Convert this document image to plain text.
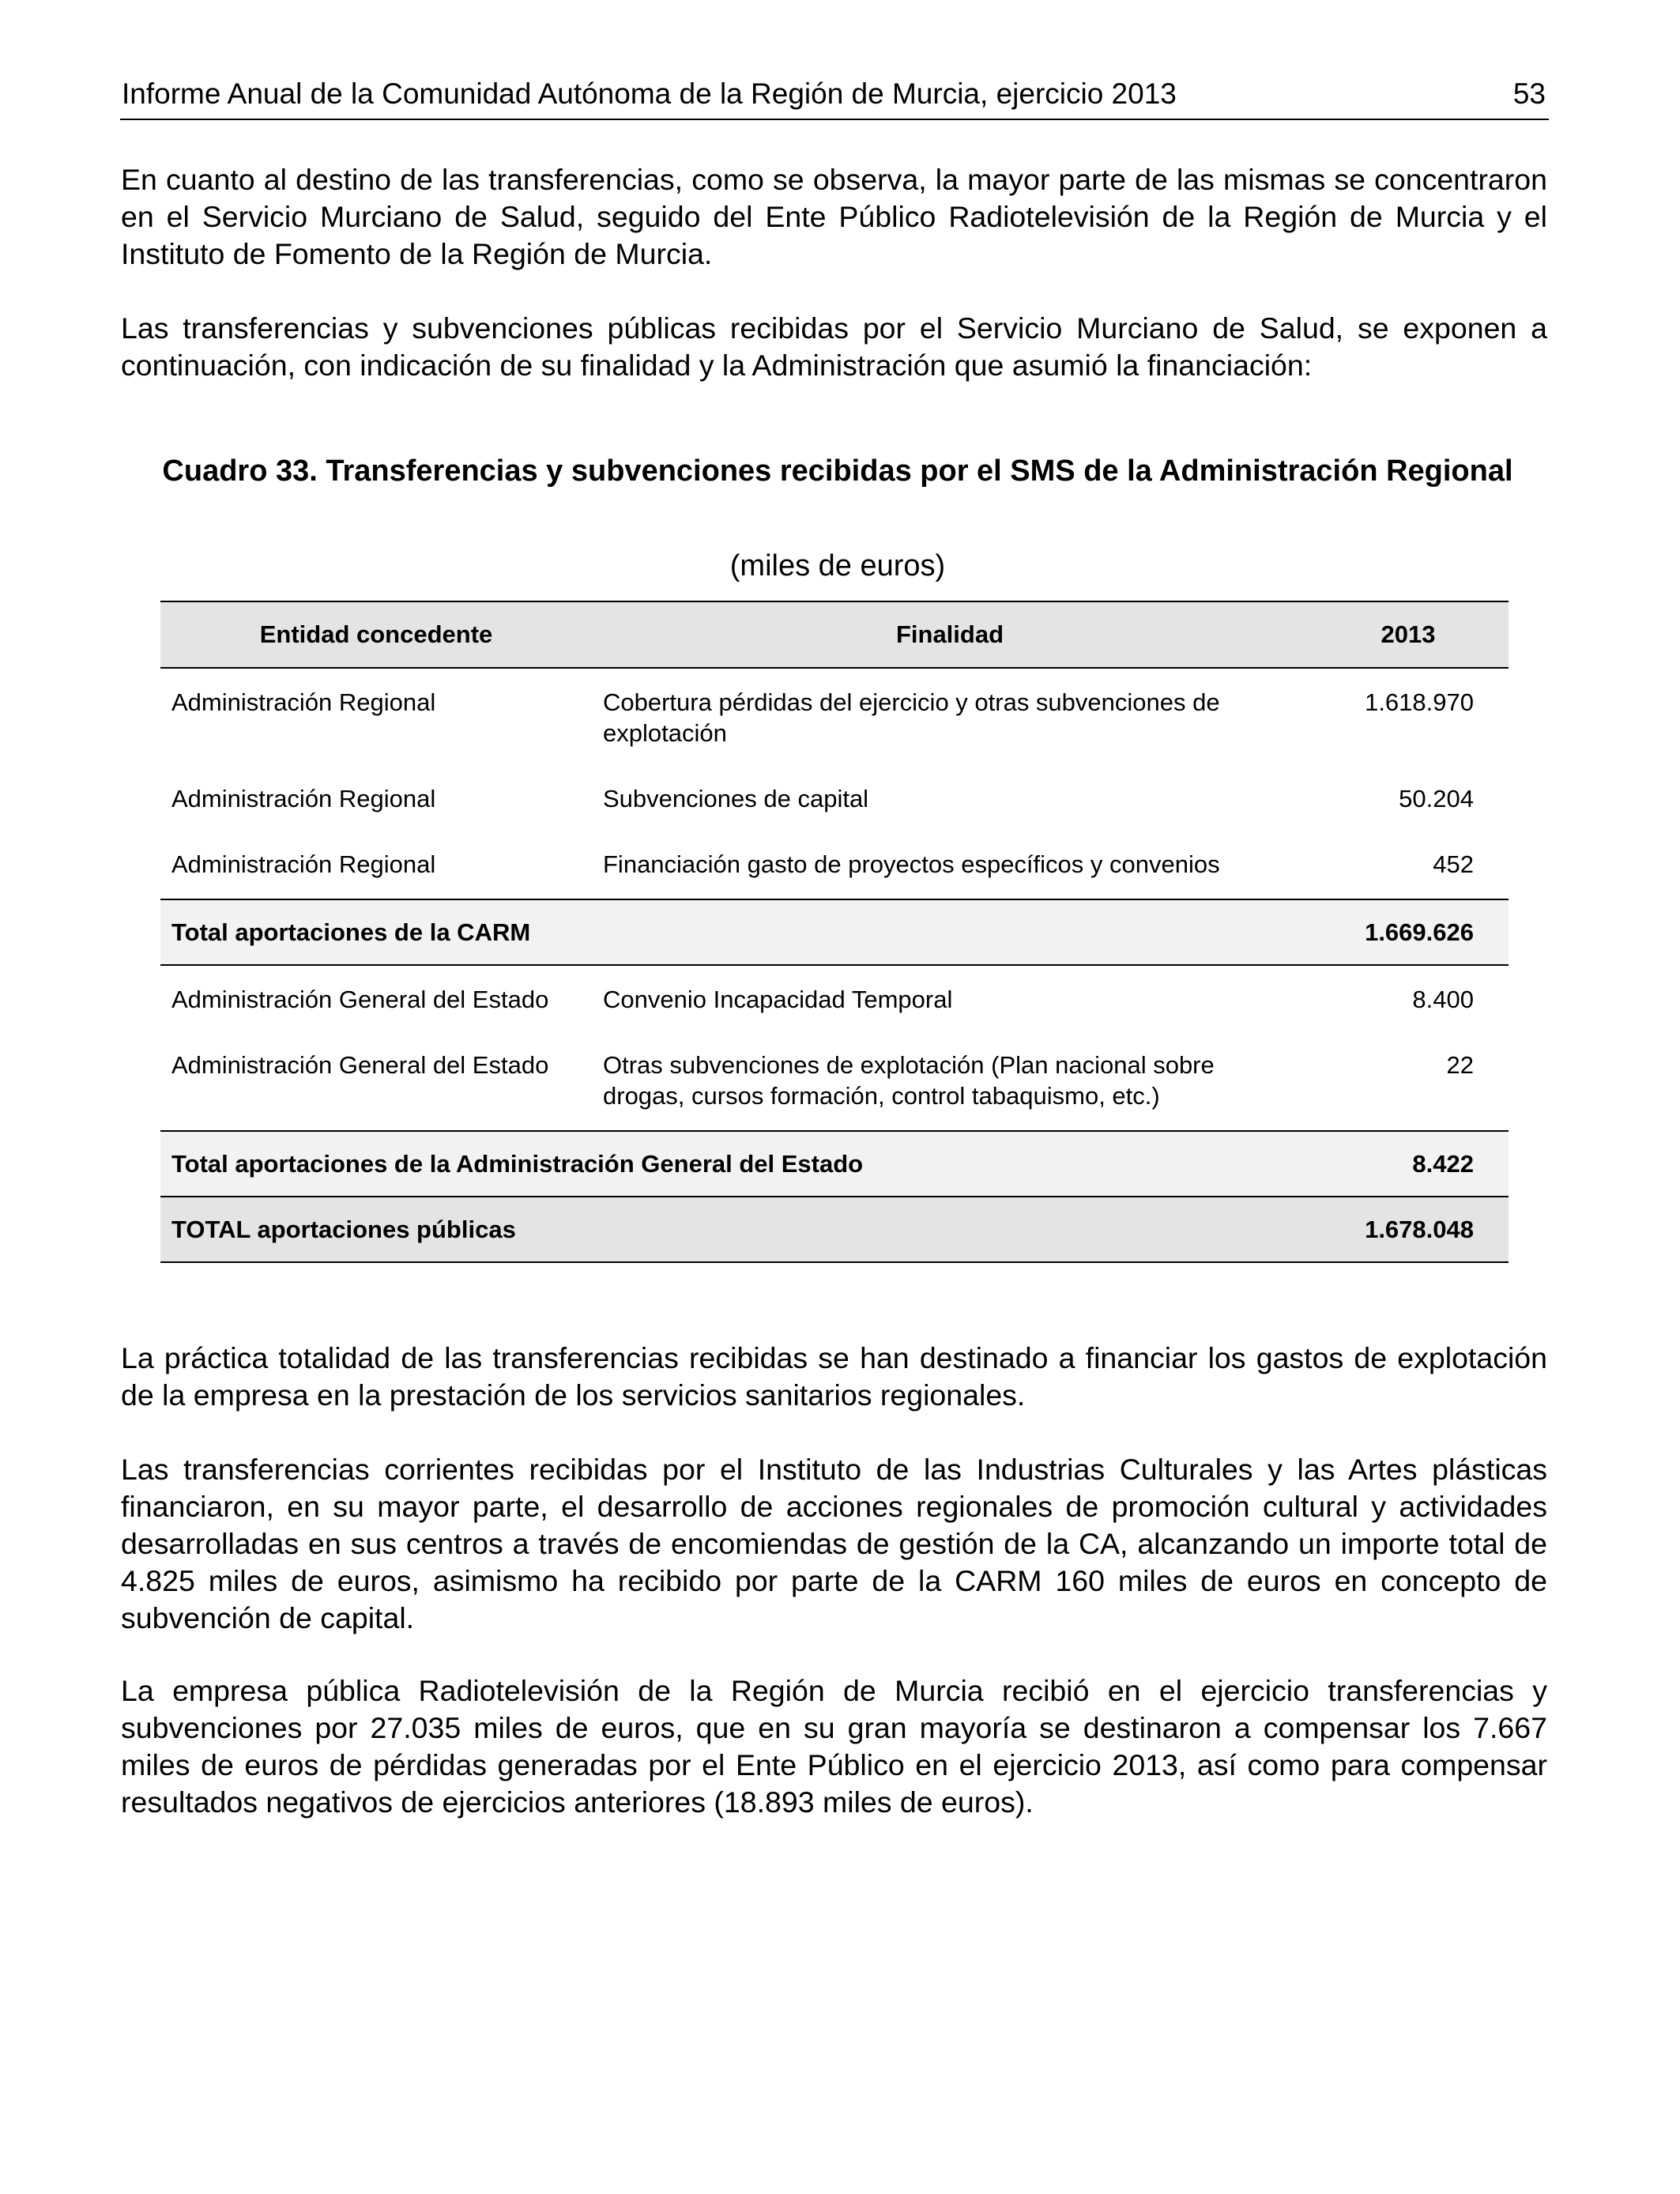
Informe Anual de la Comunidad Autónoma de la Región de Murcia, ejercicio 2013	53

En cuanto al destino de las transferencias, como se observa, la mayor parte de las mismas se concentraron en el Servicio Murciano de Salud, seguido del Ente Público Radiotelevisión de la Región de Murcia y el Instituto de Fomento de la Región de Murcia.

Las transferencias y subvenciones públicas recibidas por el Servicio Murciano de Salud, se exponen a continuación, con indicación de su finalidad y la Administración que asumió la financiación:

Cuadro 33. Transferencias y subvenciones recibidas por el SMS de la Administración Regional

(miles de euros)

Entidad concedente	Finalidad	2013
Administración Regional	Cobertura pérdidas del ejercicio y otras subvenciones de explotación	1.618.970
Administración Regional	Subvenciones de capital	50.204
Administración Regional	Financiación gasto de proyectos específicos y convenios	452
Total aportaciones de la CARM		1.669.626
Administración General del Estado	Convenio Incapacidad Temporal	8.400
Administración General del Estado	Otras subvenciones de explotación (Plan nacional sobre drogas, cursos formación, control tabaquismo, etc.)	22
Total aportaciones de la Administración General del Estado		8.422
TOTAL aportaciones públicas		1.678.048

La práctica totalidad de las transferencias recibidas se han destinado a financiar los gastos de explotación de la empresa en la prestación de los servicios sanitarios regionales.

Las transferencias corrientes recibidas por el Instituto de las Industrias Culturales y las Artes plásticas financiaron, en su mayor parte, el desarrollo de acciones regionales de promoción cultural y actividades desarrolladas en sus centros a través de encomiendas de gestión de la CA, alcanzando un importe total de 4.825 miles de euros, asimismo ha recibido por parte de la CARM 160 miles de euros en concepto de subvención de capital.

La empresa pública Radiotelevisión de la Región de Murcia recibió en el ejercicio transferencias y subvenciones por 27.035 miles de euros, que en su gran mayoría se destinaron a compensar los 7.667 miles de euros de pérdidas generadas por el Ente Público en el ejercicio 2013, así como para compensar resultados negativos de ejercicios anteriores (18.893 miles de euros).
